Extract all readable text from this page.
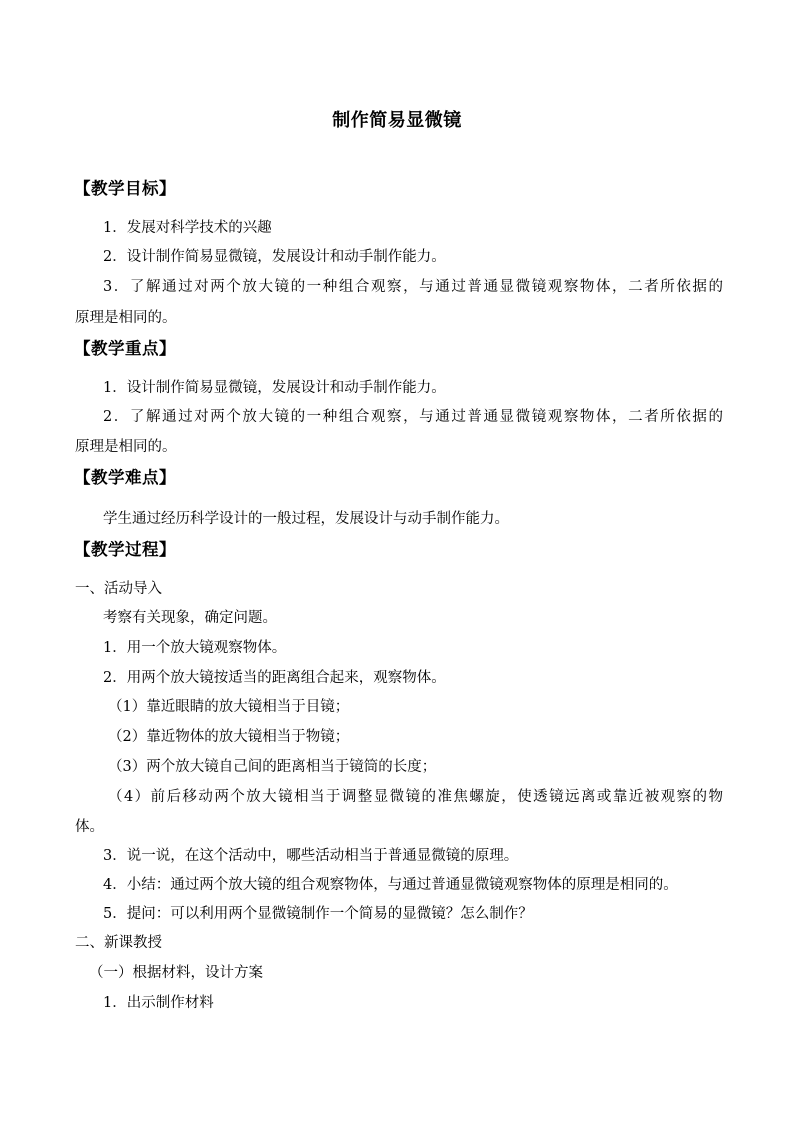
制作简易显微镜
【教学目标】
1．发展对科学技术的兴趣
2．设计制作简易显微镜，发展设计和动手制作能力。
3．了解通过对两个放大镜的一种组合观察，与通过普通显微镜观察物体，二者所依据的
原理是相同的。
【教学重点】
1．设计制作简易显微镜，发展设计和动手制作能力。
2．了解通过对两个放大镜的一种组合观察，与通过普通显微镜观察物体，二者所依据的
原理是相同的。
【教学难点】
学生通过经历科学设计的一般过程，发展设计与动手制作能力。
【教学过程】
一、活动导入
考察有关现象，确定问题。
1．用一个放大镜观察物体。
2．用两个放大镜按适当的距离组合起来，观察物体。
（1）靠近眼睛的放大镜相当于目镜；
（2）靠近物体的放大镜相当于物镜；
（3）两个放大镜自己间的距离相当于镜筒的长度；
（4）前后移动两个放大镜相当于调整显微镜的准焦螺旋，使透镜远离或靠近被观察的物
体。
3．说一说，在这个活动中，哪些活动相当于普通显微镜的原理。
4．小结：通过两个放大镜的组合观察物体，与通过普通显微镜观察物体的原理是相同的。
5．提问：可以利用两个显微镜制作一个简易的显微镜？怎么制作？
二、新课教授
（一）根据材料，设计方案
1．出示制作材料
